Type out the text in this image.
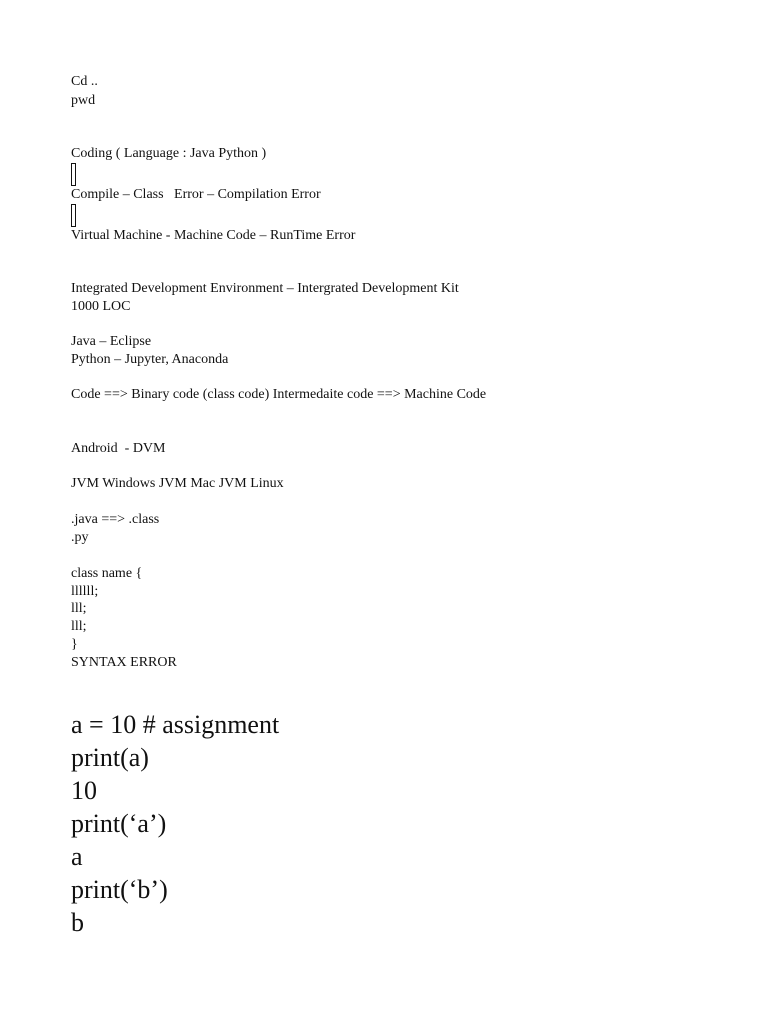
Cd ..
pwd
Coding ( Language : Java Python )
Compile – Class   Error – Compilation Error
Virtual Machine - Machine Code – RunTime Error
Integrated Development Environment – Intergrated Development Kit
1000 LOC
Java – Eclipse
Python – Jupyter, Anaconda
Code ==> Binary code (class code) Intermedaite code ==> Machine Code
Android  - DVM
JVM Windows JVM Mac JVM Linux
.java ==> .class
.py
class name {
llllll;
lll;
lll;
}
SYNTAX ERROR
a = 10 # assignment
print(a)
10
print(‘a’)
a
print(‘b’)
b
